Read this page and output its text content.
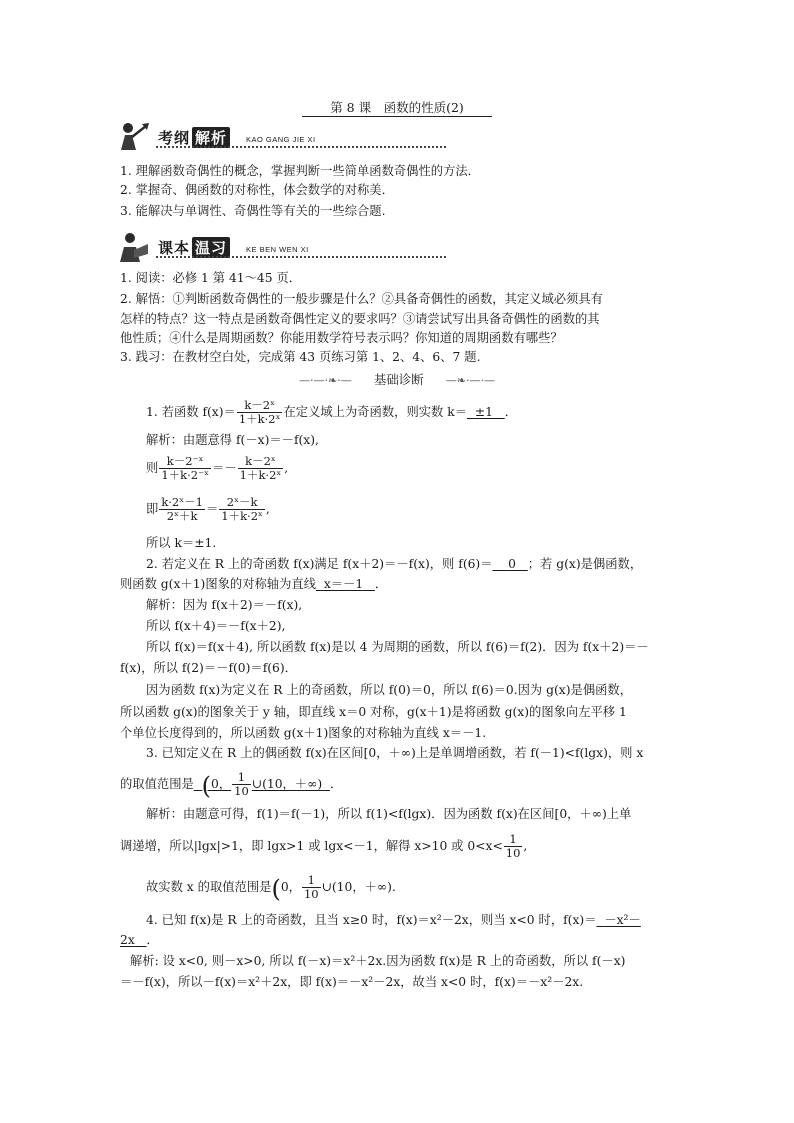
第 8 课　函数的性质(2)
考纲 解析	KAO GANG JIE XI
1. 理解函数奇偶性的概念，掌握判断一些简单函数奇偶性的方法．
2. 掌握奇、偶函数的对称性，体会数学的对称美．
3. 能解决与单调性、奇偶性等有关的一些综合题.
课本 温习	KE BEN WEN XI
1. 阅读：必修 1 第 41～45 页．
2. 解悟：①判断函数奇偶性的一般步骤是什么？②具备奇偶性的函数，其定义域必须具有
怎样的特点？这一特点是函数奇偶性定义的要求吗？③请尝试写出具备奇偶性的函数的其
他性质；④什么是周期函数？你能用数学符号表示吗？你知道的周期函数有哪些？
3. 践习：在教材空白处，完成第 43 页练习第 1、2、4、6、7 题.
—·—·❧·— 基础诊断 —❧·—·—
1. 若函数 $f(x)= \frac{\text{k－2ˣ}}{\text{1＋k·2ˣ}}$ 在定义域上为奇函数，则实数 k＝ ±1 ．
解析：由题意得 f(－x)＝－f(x),
则 $\frac{\text{k－2⁻ˣ}}{\text{1＋k·2⁻ˣ}} =- \frac{\text{k－2ˣ}}{\text{1＋k·2ˣ}}$ ,
即 $\frac{\text{k·2ˣ－1}}{\text{2ˣ＋k}} = \frac{\text{2ˣ－k}}{\text{1＋k·2ˣ}}$ ,
所以 k＝±1.
2. 若定义在 R 上的奇函数 f(x)满足 f(x＋2)＝－f(x)，则 f(6)＝ 0 ；若 g(x)是偶函数，
则函数 g(x＋1)图象的对称轴为直线 x＝－1 ．
解析：因为 f(x＋2)＝－f(x),
所以 f(x＋4)＝－f(x＋2),
所以 f(x)＝f(x＋4), 所以函数 f(x)是以 4 为周期的函数，所以 f(6)＝f(2)．因为 f(x＋2)＝－
f(x)，所以 f(2)＝－f(0)＝f(6)．
因为函数 f(x)为定义在 R 上的奇函数，所以 f(0)＝0，所以 f(6)＝0.因为 g(x)是偶函数，
所以函数 g(x)的图象关于 y 轴，即直线 x＝0 对称，g(x＋1)是将函数 g(x)的图象向左平移 1
个单位长度得到的，所以函数 g(x＋1)图象的对称轴为直线 x＝－1.
3. 已知定义在 R 上的偶函数 f(x)在区间[0，＋∞)上是单调增函数，若 f(－1)<f(lgx)，则 x
的取值范围是 (0， $\frac{1}{10}$ ∪(10，＋∞) ．
解析：由题意可得，f(1)＝f(－1)，所以 f(1)<f(lgx)．因为函数 f(x)在区间[0，＋∞)上单
调递增，所以|lgx|>1，即 lgx>1 或 lgx<－1，解得 x>10 或 $0<x< \frac{1}{10}$ ,
故实数 x 的取值范围是(0， $\frac{1}{10}$ ∪(10，＋∞).
4. 已知 f(x)是 R 上的奇函数，且当 x≥0 时，f(x)＝x²－2x，则当 x<0 时，f(x)＝ －x²－
2x ．
解析: 设 x<0, 则－x>0, 所以 f(－x)＝x²＋2x.因为函数 f(x)是 R 上的奇函数，所以 f(－x)
＝－f(x)，所以－f(x)＝x²＋2x，即 f(x)＝－x²－2x，故当 x<0 时，f(x)＝－x²－2x.
